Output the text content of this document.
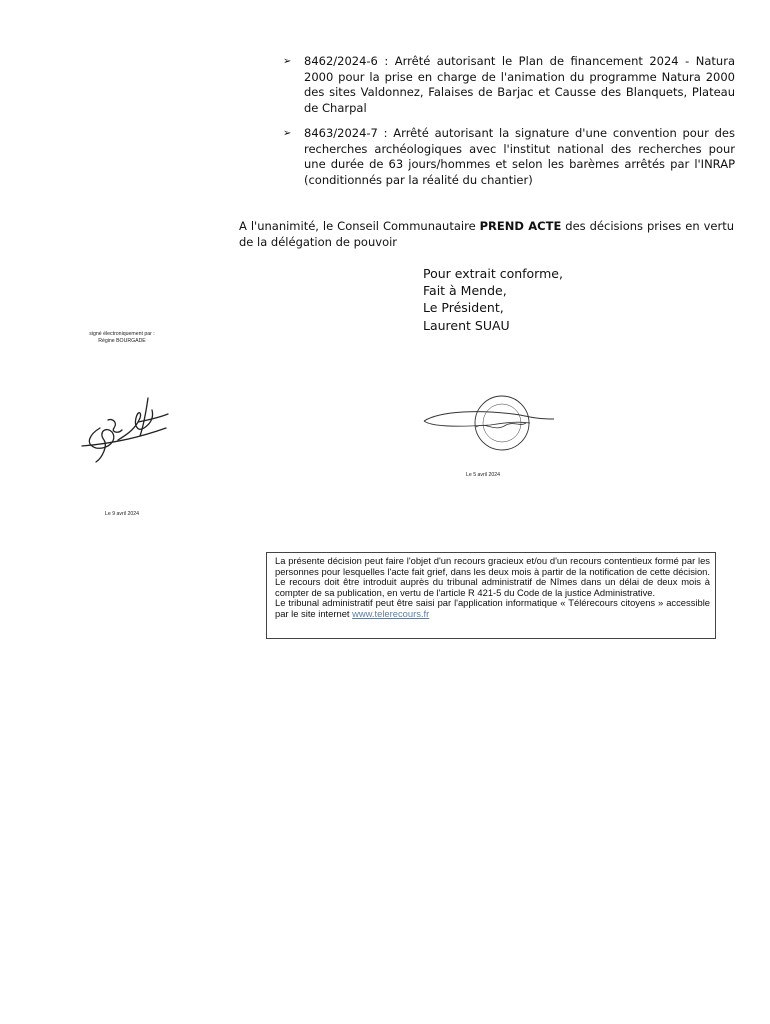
➢	8462/2024-6 : Arrêté autorisant le Plan de financement 2024 - Natura 2000 pour la prise en charge de l'animation du programme Natura 2000 des sites Valdonnez, Falaises de Barjac et Causse des Blanquets, Plateau de Charpal
➢	8463/2024-7 : Arrêté autorisant la signature d'une convention pour des recherches archéologiques avec l'institut national des recherches pour une durée de 63 jours/hommes et selon les barèmes arrêtés par l'INRAP (conditionnés par la réalité du chantier)
A l'unanimité, le Conseil Communautaire PREND ACTE des décisions prises en vertu de la délégation de pouvoir
Pour extrait conforme,
Fait à Mende,
Le Président,
Laurent SUAU
signé électroniquement par :
Régine BOURGADE
Le 5 avril 2024
Le 9 avril 2024

La présente décision peut faire l'objet d'un recours gracieux et/ou d'un recours contentieux formé par les personnes pour lesquelles l'acte fait grief, dans les deux mois à partir de la notification de cette décision. Le recours doit être introduit auprès du tribunal administratif de Nîmes dans un délai de deux mois à compter de sa publication, en vertu de l'article R 421-5 du Code de la justice Administrative.

Le tribunal administratif peut être saisi par l'application informatique « Télérecours citoyens » accessible par le site internet www.telerecours.fr
